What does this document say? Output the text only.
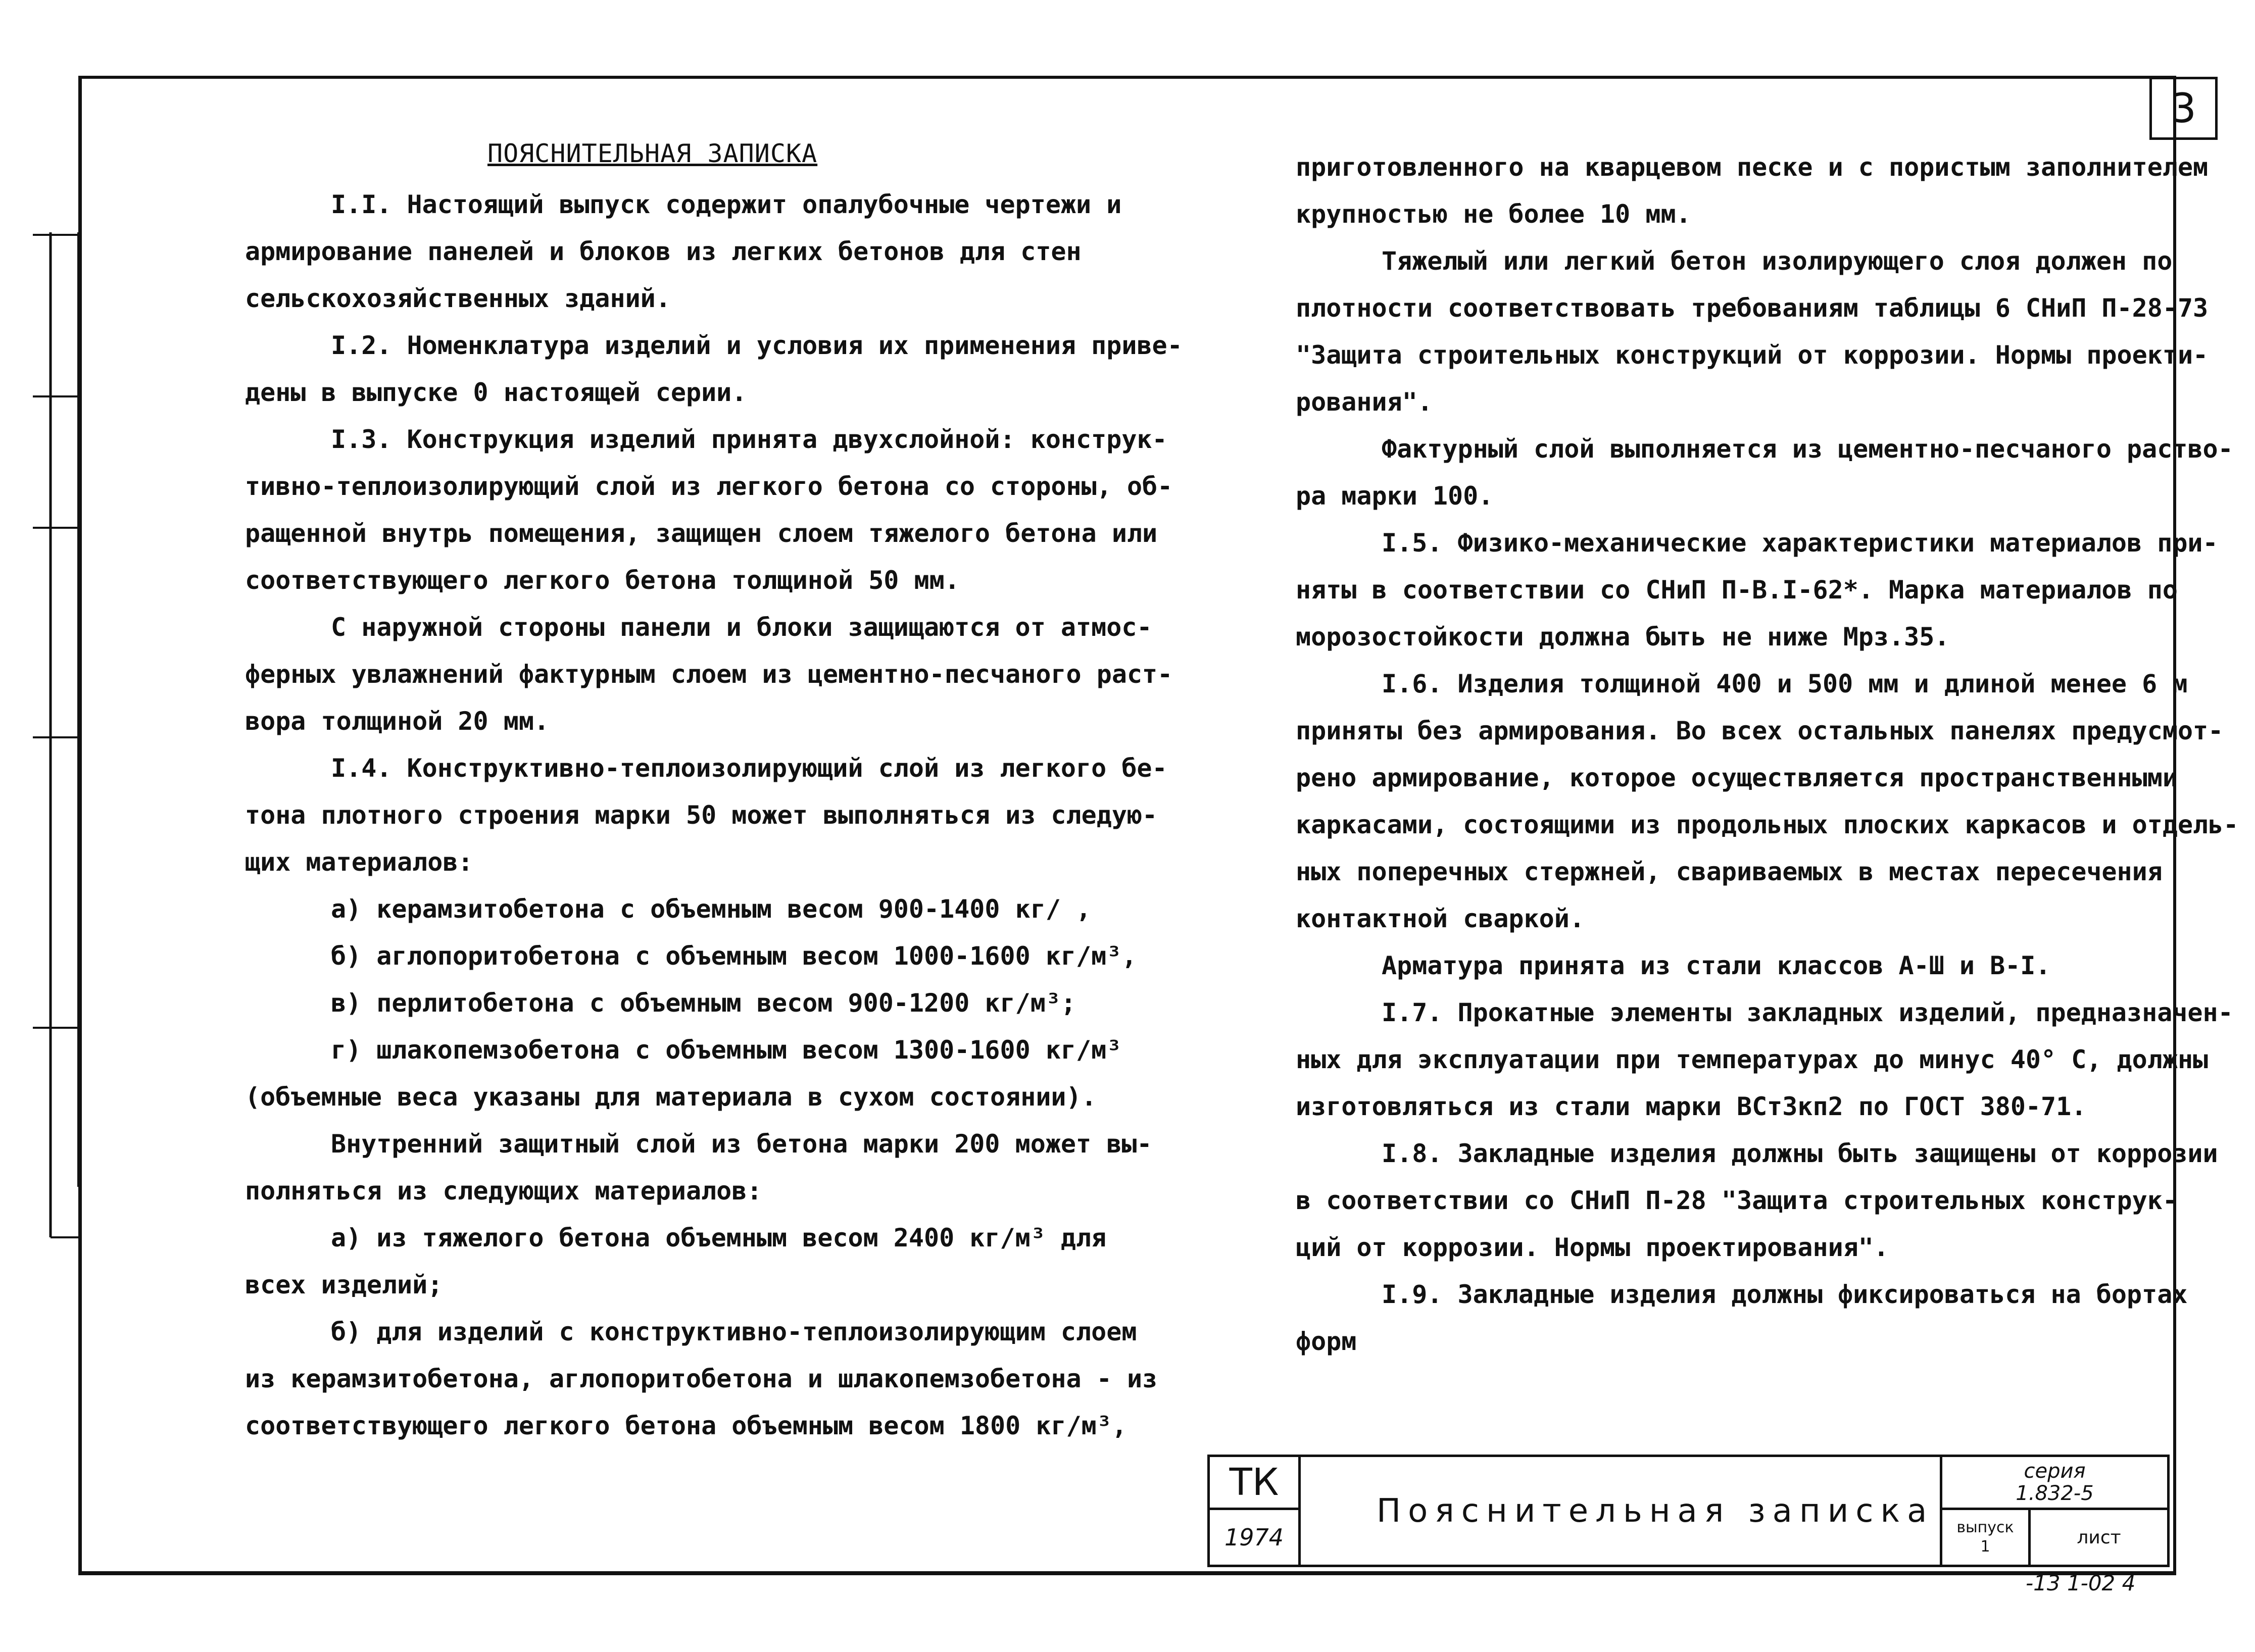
3

ПОЯСНИТЕЛЬНАЯ ЗАПИСКА

I.I. Настоящий выпуск содержит опалубочные чертежи и

армирование панелей и блоков из легких бетонов для стен

сельскохозяйственных зданий.

I.2. Номенклатура изделий и условия их применения приве-

дены в выпуске 0 настоящей серии.

I.3. Конструкция изделий принята двухслойной: конструк-

тивно-теплоизолирующий слой из легкого бетона со стороны, об-

ращенной внутрь помещения, защищен слоем тяжелого бетона или

соответствующего легкого бетона толщиной 50 мм.

С наружной стороны панели и блоки защищаются от атмос-

ферных увлажнений фактурным слоем из цементно-песчаного раст-

вора толщиной 20 мм.

I.4. Конструктивно-теплоизолирующий слой из легкого бе-

тона плотного строения марки 50 может выполняться из следую-

щих материалов:

а) керамзитобетона с объемным весом 900-1400 кг/ ,

б) аглопоритобетона с объемным весом 1000-1600 кг/м³,

в) перлитобетона с объемным весом 900-1200 кг/м³;

г) шлакопемзобетона с объемным весом 1300-1600 кг/м³

(объемные веса указаны для материала в сухом состоянии).

Внутренний защитный слой из бетона марки 200 может вы-

полняться из следующих материалов:

а) из тяжелого бетона объемным весом 2400 кг/м³ для

всех изделий;

б) для изделий с конструктивно-теплоизолирующим слоем

из керамзитобетона, аглопоритобетона и шлакопемзобетона - из

соответствующего легкого бетона объемным весом 1800 кг/м³,

приготовленного на кварцевом песке и с пористым заполнителем

крупностью не более 10 мм.

Тяжелый или легкий бетон изолирующего слоя должен по

плотности соответствовать требованиям таблицы 6 СНиП П-28-73

"Защита строительных конструкций от коррозии. Нормы проекти-

рования".

Фактурный слой выполняется из цементно-песчаного раство-

ра марки 100.

I.5. Физико-механические характеристики материалов при-

няты в соответствии со СНиП П-В.I-62*. Марка материалов по

морозостойкости должна быть не ниже Мрз.35.

I.6. Изделия толщиной 400 и 500 мм и длиной менее 6 м

приняты без армирования. Во всех остальных панелях предусмот-

рено армирование, которое осуществляется пространственными

каркасами, состоящими из продольных плоских каркасов и отдель-

ных поперечных стержней, свариваемых в местах пересечения

контактной сваркой.

Арматура принята из стали классов А-Ш и В-I.

I.7. Прокатные элементы закладных изделий, предназначен-

ных для эксплуатации при температурах до минус 40° С, должны

изготовляться из стали марки ВСт3кп2 по ГОСТ 380-71.

I.8. Закладные изделия должны быть защищены от коррозии

в соответствии со СНиП П-28 "Защита строительных конструк-

ций от коррозии. Нормы проектирования".

I.9. Закладные изделия должны фиксироваться на бортах

форм

ТК
1974
Пояснительная записка
серия
1.832-5
выпуск
1	лист
-13 1-02 4
